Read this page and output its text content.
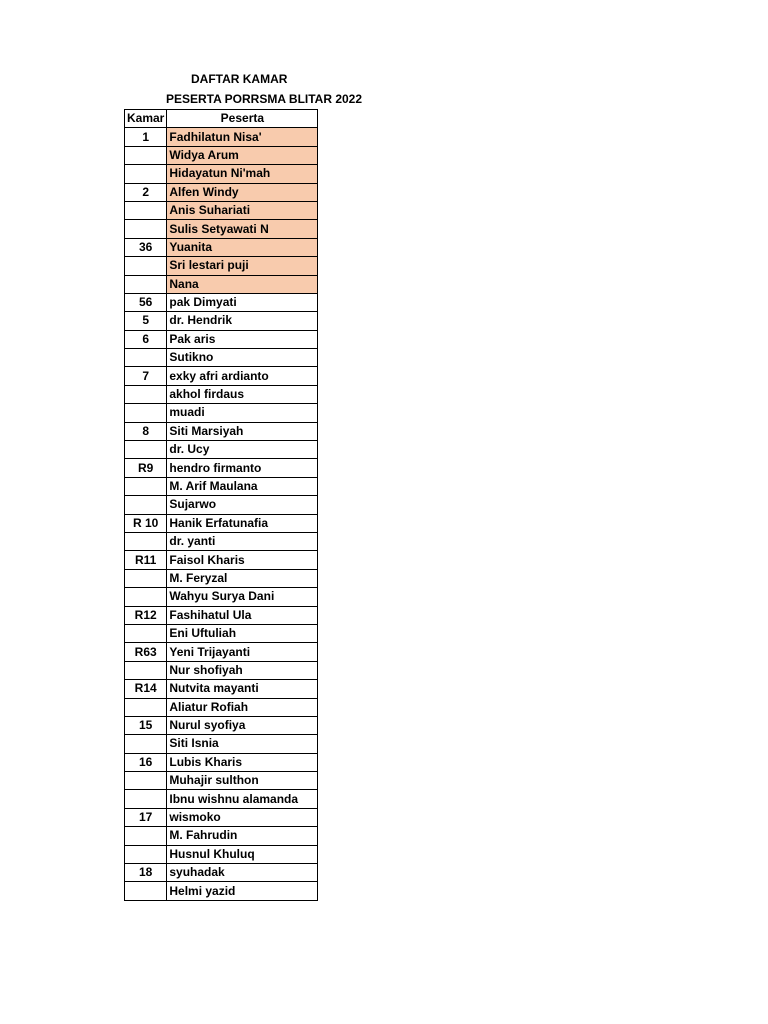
DAFTAR KAMAR
PESERTA PORRSMA BLITAR 2022
Kamar	Peserta
1	Fadhilatun Nisa'
	Widya Arum
	Hidayatun Ni'mah
2	Alfen Windy
	Anis Suhariati
	Sulis Setyawati N
36	Yuanita
	Sri lestari puji
	Nana
56	pak Dimyati
5	dr. Hendrik
6	Pak aris
	Sutikno
7	exky afri ardianto
	akhol firdaus
	muadi
8	Siti Marsiyah
	dr. Ucy
R9	hendro firmanto
	M. Arif Maulana
	Sujarwo
R 10	Hanik Erfatunafia
	dr. yanti
R11	Faisol Kharis
	M. Feryzal
	Wahyu Surya Dani
R12	Fashihatul Ula
	Eni Uftuliah
R63	Yeni Trijayanti
	Nur shofiyah
R14	Nutvita mayanti
	Aliatur Rofiah
15	Nurul syofiya
	Siti Isnia
16	Lubis Kharis
	Muhajir sulthon
	Ibnu wishnu alamanda
17	wismoko
	M. Fahrudin
	Husnul Khuluq
18	syuhadak
	Helmi yazid
